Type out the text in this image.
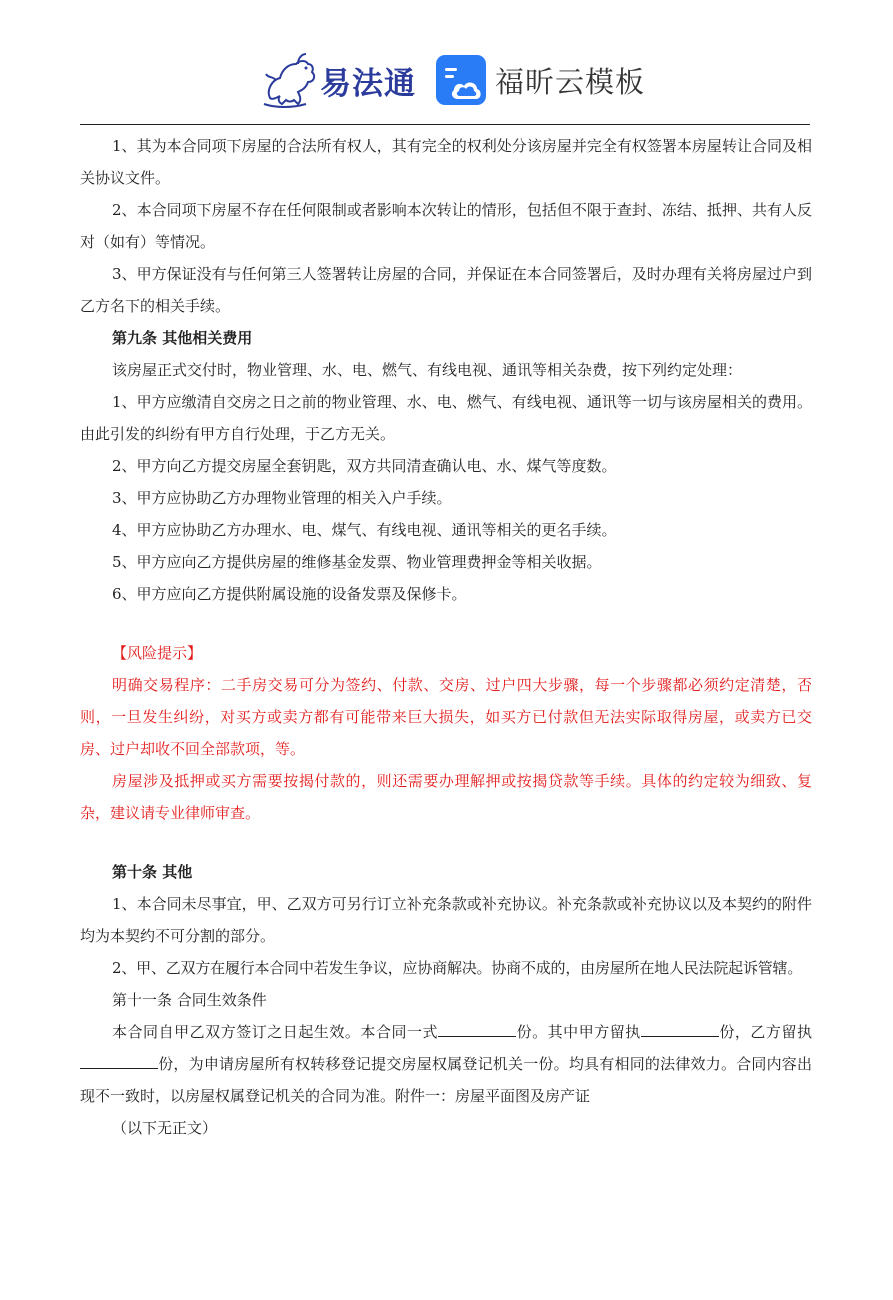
易法通	福昕云模板

1、其为本合同项下房屋的合法所有权人，其有完全的权利处分该房屋并完全有权签署本房屋转让合同及相关协议文件。

2、本合同项下房屋不存在任何限制或者影响本次转让的情形，包括但不限于查封、冻结、抵押、共有人反对（如有）等情况。

3、甲方保证没有与任何第三人签署转让房屋的合同，并保证在本合同签署后，及时办理有关将房屋过户到乙方名下的相关手续。

第九条 其他相关费用

该房屋正式交付时，物业管理、水、电、燃气、有线电视、通讯等相关杂费，按下列约定处理：

1、甲方应缴清自交房之日之前的物业管理、水、电、燃气、有线电视、通讯等一切与该房屋相关的费用。由此引发的纠纷有甲方自行处理，于乙方无关。

2、甲方向乙方提交房屋全套钥匙，双方共同清查确认电、水、煤气等度数。

3、甲方应协助乙方办理物业管理的相关入户手续。

4、甲方应协助乙方办理水、电、煤气、有线电视、通讯等相关的更名手续。

5、甲方应向乙方提供房屋的维修基金发票、物业管理费押金等相关收据。

6、甲方应向乙方提供附属设施的设备发票及保修卡。

【风险提示】

明确交易程序：二手房交易可分为签约、付款、交房、过户四大步骤，每一个步骤都必须约定清楚，否则，一旦发生纠纷，对买方或卖方都有可能带来巨大损失，如买方已付款但无法实际取得房屋，或卖方已交房、过户却收不回全部款项，等。

房屋涉及抵押或买方需要按揭付款的，则还需要办理解押或按揭贷款等手续。具体的约定较为细致、复杂，建议请专业律师审查。

第十条 其他

1、本合同未尽事宜，甲、乙双方可另行订立补充条款或补充协议。补充条款或补充协议以及本契约的附件均为本契约不可分割的部分。

2、甲、乙双方在履行本合同中若发生争议，应协商解决。协商不成的，由房屋所在地人民法院起诉管辖。

第十一条 合同生效条件

本合同自甲乙双方签订之日起生效。本合同一式	份。其中甲方留执	份，乙方留执份，为申请房屋所有权转移登记提交房屋权属登记机关一份。均具有相同的法律效力。合同内容出现不一致时，以房屋权属登记机关的合同为准。附件一：房屋平面图及房产证

（以下无正文）
